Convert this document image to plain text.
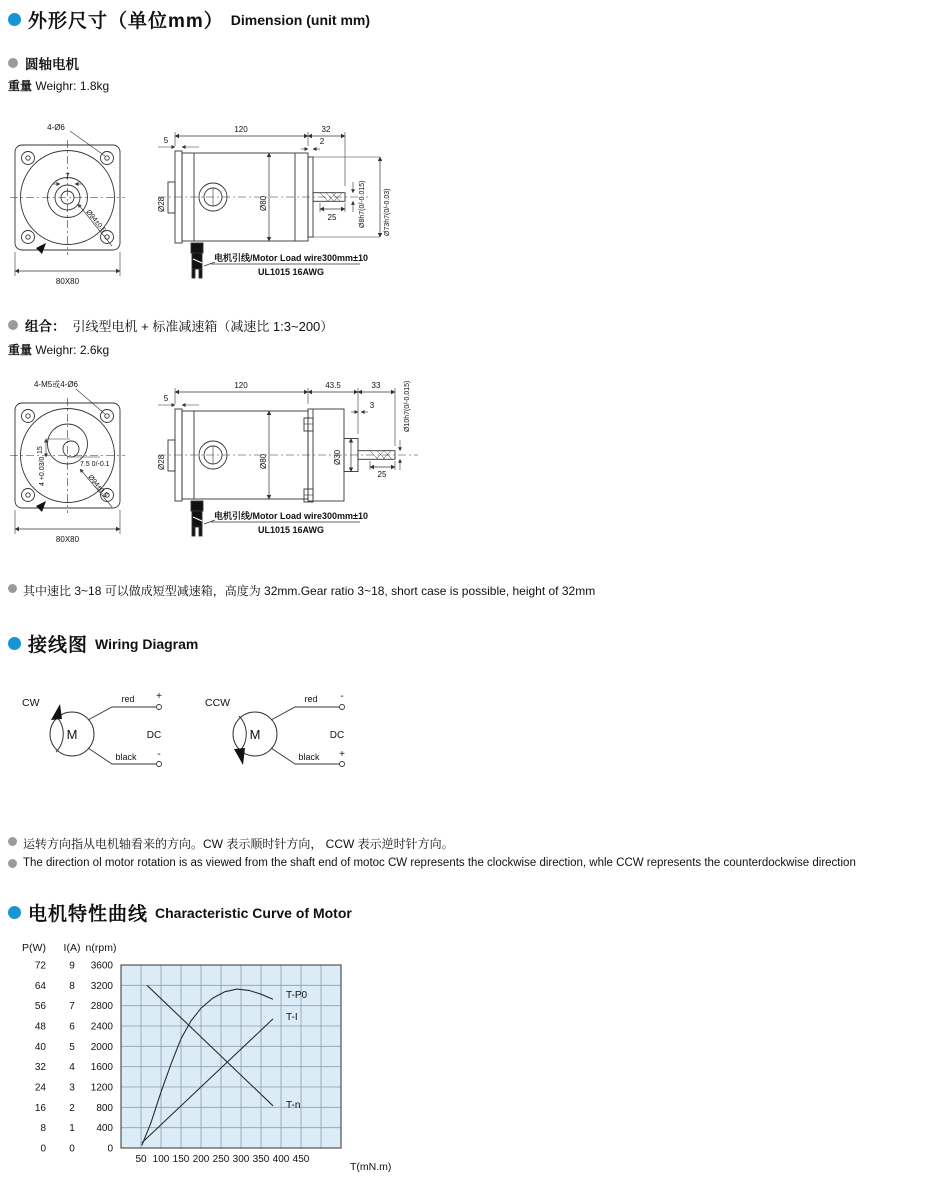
外形尺寸（单位mm） Dimension (unit mm)
圆轴电机
重量 Weighr: 1.8kg
4-Ø6
7
Ø94±0.5
80X80
120	32
5	2
Ø28	Ø80	Ø8h7(0/-0.015)	Ø73h7(0/-0.03)
25
电机引线/Motor Load wire300mm±10
UL1015 16AWG
组合： 引线型电机 + 标准减速箱（减速比 1:3~200）
重量 Weighr: 2.6kg
4-M5或4-Ø6
15
7.5 0/-0.1
4 +0.03/0
Ø94±0.5
80X80
120	43.5	33
5
3
Ø28	Ø80	Ø30
Ø10h7(0/-0.015)
25
电机引线/Motor Load wire300mm±10
UL1015 16AWG
其中速比 3~18 可以做成短型减速箱，高度为 32mm.Gear ratio 3~18, short case is possible, height of 32mm
接线图 Wiring Diagram
CW
M
red +
black -
DC
CCW
M
red -
black +
DC
运转方向指从电机轴看来的方向。CW 表示顺时针方向， CCW 表示逆时针方向。
The direction ol motor rotation is as viewed from the shaft end of motoc CW represents the clockwise direction, whle CCW represents the counterdockwise direction
电机特性曲线 Characteristic Curve of Motor
P(W)
72
64
56
48
40
32
24
16
8
0
I(A)
9
8
7
6
5
4
3
2
1
0
n(rpm)
3600
3200
2800
2400
2000
1600
1200
800
400
0
50 100 150 200 250 300 350 400 450
T-P0
T-I
T-n
T(mN.m)
